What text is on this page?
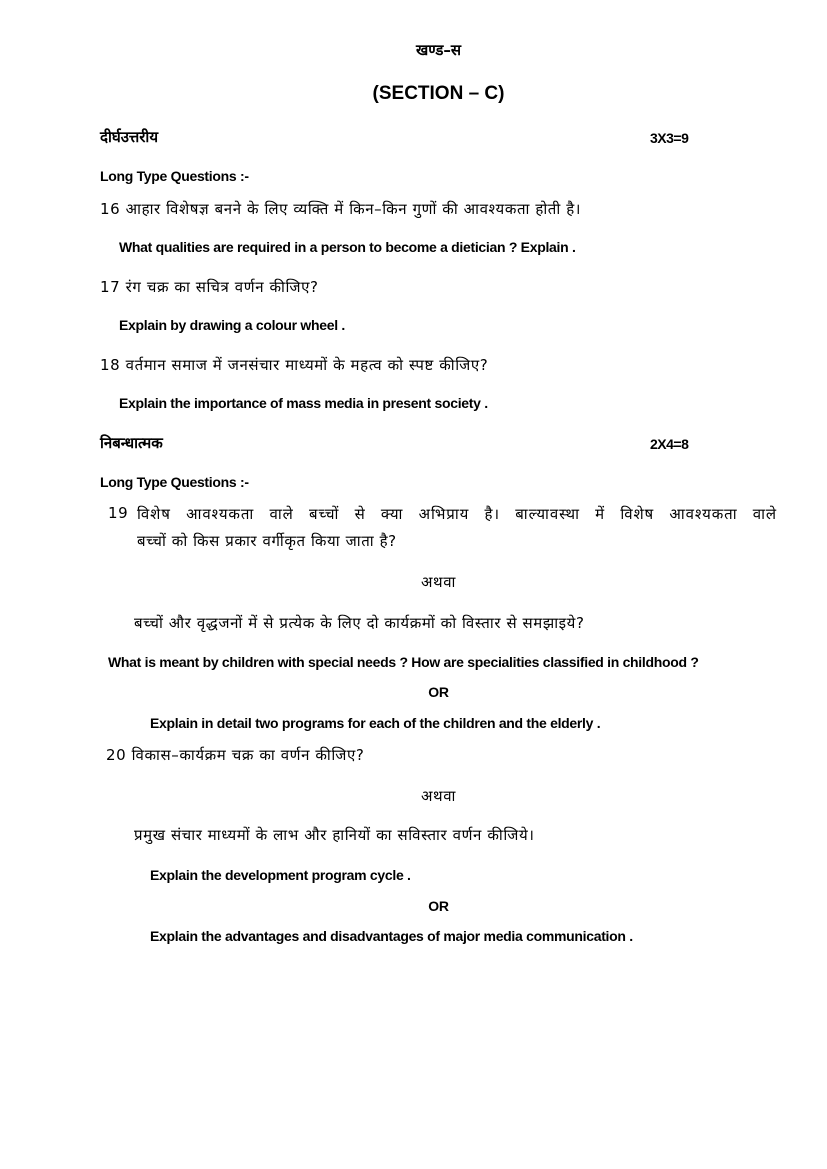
खण्ड–स
(SECTION – C)
दीर्घउत्तरीय	3X3=9
Long Type Questions :-
16 आहार विशेषज्ञ बनने के लिए व्यक्ति में किन–किन गुणों की आवश्यकता होती है।
What qualities are required in a person to become a dietician ? Explain .
17 रंग चक्र का सचित्र वर्णन कीजिए?
Explain by drawing a colour wheel .
18 वर्तमान समाज में जनसंचार माध्यमों के महत्व को स्पष्ट कीजिए?
Explain the importance of mass media in present society .
निबन्धात्मक	2X4=8
Long Type Questions :-
19 विशेष आवश्यकता वाले बच्चों से क्या अभिप्राय है। बाल्यावस्था में विशेष आवश्यकता वाले
बच्चों को किस प्रकार वर्गीकृत किया जाता है?
अथवा
बच्चों और वृद्धजनों में से प्रत्येक के लिए दो कार्यक्रमों को विस्तार से समझाइये?
What is meant by children with special needs ? How are specialities classified in childhood ?
OR
Explain in detail two programs for each of the children and the elderly .
20 विकास–कार्यक्रम चक्र का वर्णन कीजिए?
अथवा
प्रमुख संचार माध्यमों के लाभ और हानियों का सविस्तार वर्णन कीजिये।
Explain the development program cycle .
OR
Explain the advantages and disadvantages of major media communication .
